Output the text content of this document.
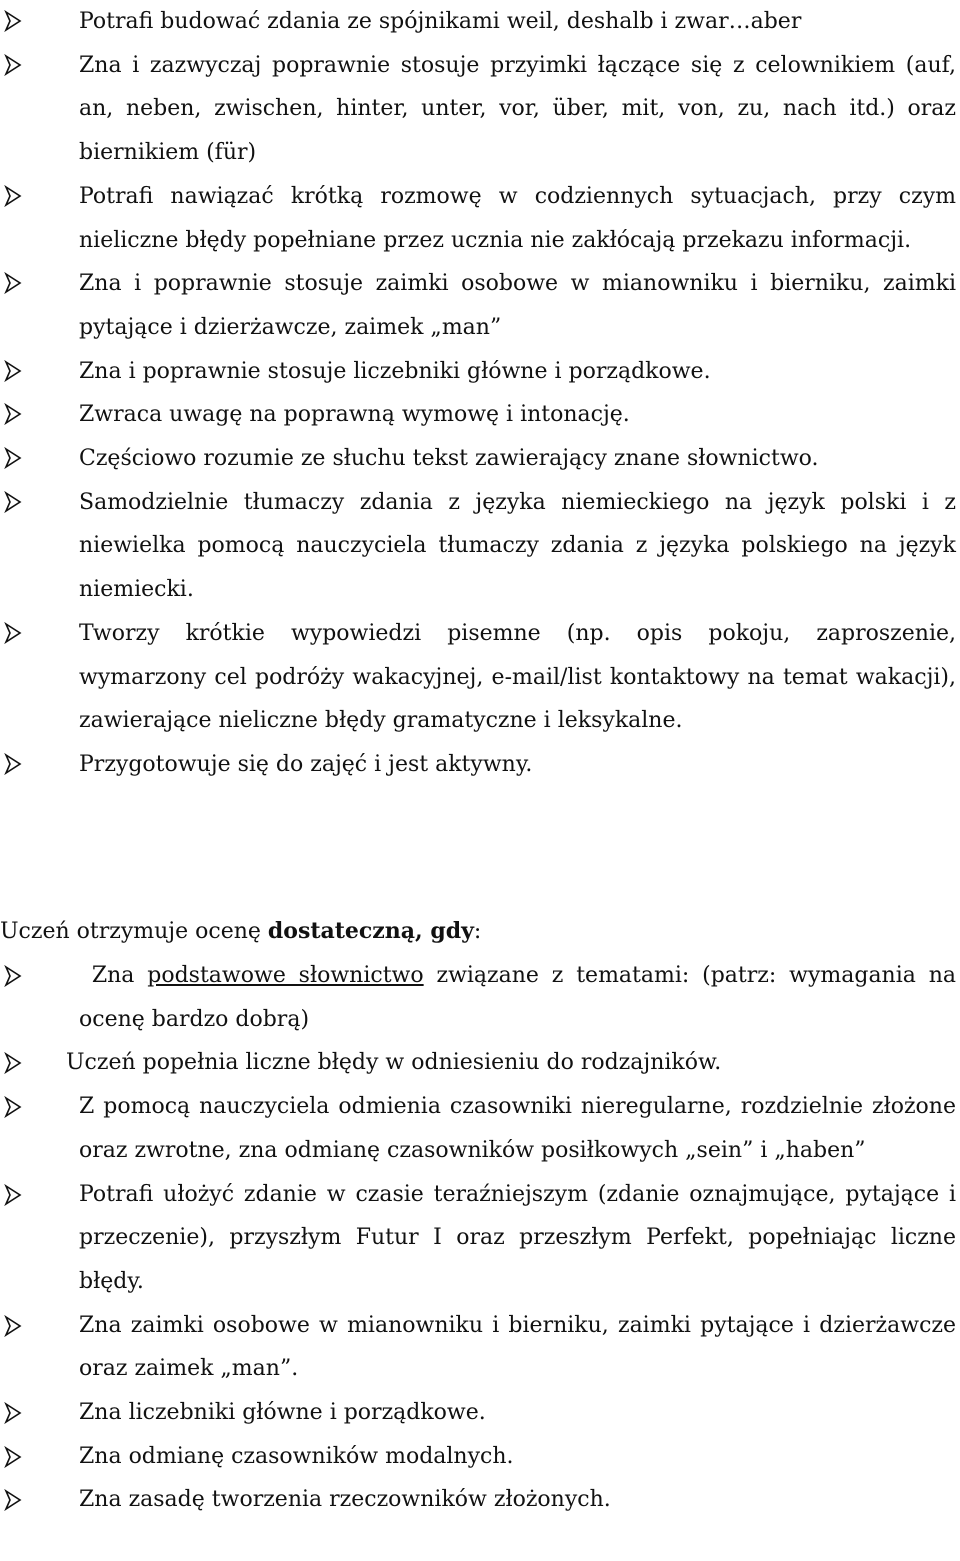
Potrafi budować zdania ze spójnikami weil, deshalb i zwar…aber
Zna i zazwyczaj poprawnie stosuje przyimki łączące się z celownikiem (auf, an, neben, zwischen, hinter, unter, vor, über, mit, von, zu, nach itd.) oraz biernikiem (für)
Potrafi nawiązać krótką rozmowę w codziennych sytuacjach, przy czym nieliczne błędy popełniane przez ucznia nie zakłócają przekazu informacji.
Zna i poprawnie stosuje zaimki osobowe w mianowniku i bierniku, zaimki pytające i dzierżawcze, zaimek „man”
Zna i poprawnie stosuje liczebniki główne i porządkowe.
Zwraca uwagę na poprawną wymowę i intonację.
Częściowo rozumie ze słuchu tekst zawierający znane słownictwo.
Samodzielnie tłumaczy zdania z języka niemieckiego na język polski i z niewielka pomocą nauczyciela tłumaczy zdania z języka polskiego na język niemiecki.
Tworzy krótkie wypowiedzi pisemne (np. opis pokoju, zaproszenie, wymarzony cel podróży wakacyjnej, e-mail/list kontaktowy na temat wakacji), zawierające nieliczne błędy gramatyczne i leksykalne.
Przygotowuje się do zajęć i jest aktywny.
Uczeń otrzymuje ocenę dostateczną, gdy:
Zna podstawowe słownictwo związane z tematami: (patrz: wymagania na ocenę bardzo dobrą)
Uczeń popełnia liczne błędy w odniesieniu do rodzajników.
Z pomocą nauczyciela odmienia czasowniki nieregularne, rozdzielnie złożone oraz zwrotne, zna odmianę czasowników posiłkowych „sein” i „haben”
Potrafi ułożyć zdanie w czasie teraźniejszym (zdanie oznajmujące, pytające i przeczenie), przyszłym Futur I oraz przeszłym Perfekt, popełniając liczne błędy.
Zna zaimki osobowe w mianowniku i bierniku, zaimki pytające i dzierżawcze oraz zaimek „man”.
Zna liczebniki główne i porządkowe.
Zna odmianę czasowników modalnych.
Zna zasadę tworzenia rzeczowników złożonych.
